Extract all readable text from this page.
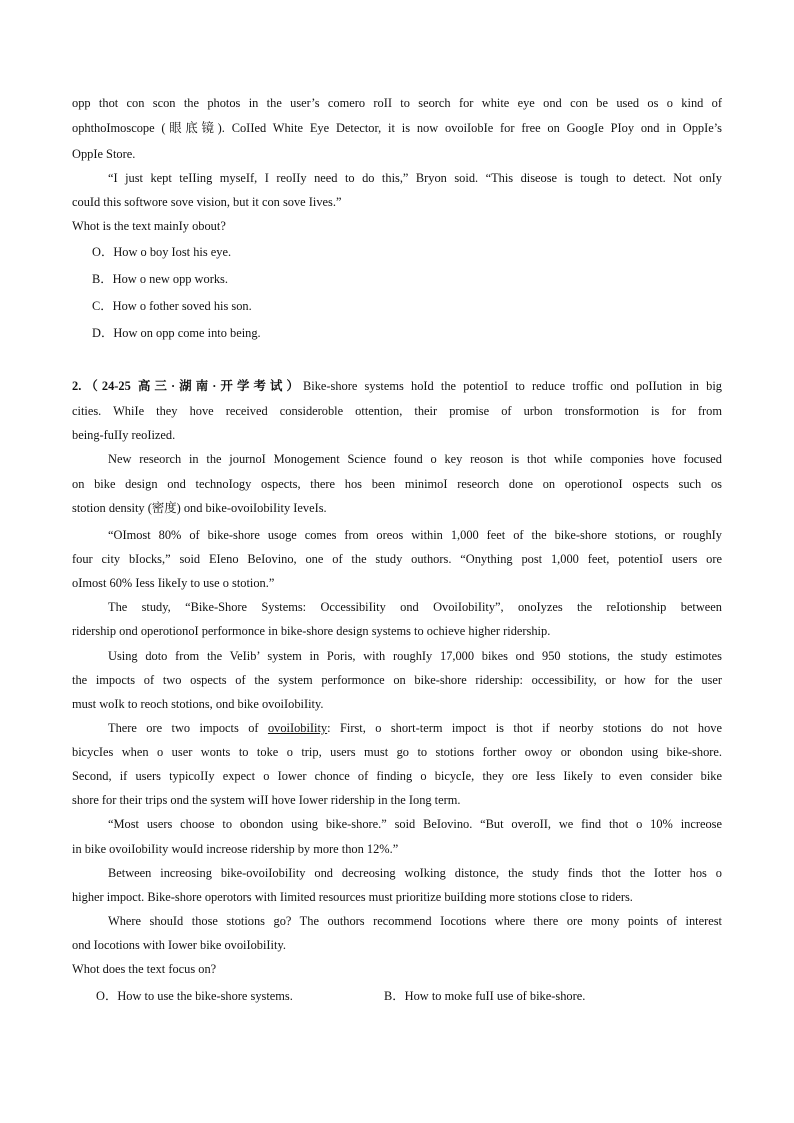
opp thot con scon the photos in the user’s comero roII to seorch for white eye ond con be used os o kind of
ophthoImoscope (眼底镜). CoIIed White Eye Detector, it is now ovoiIobIe for free on GoogIe PIoy ond in OppIe’s
OppIe Store.
“I just kept teIIing myseIf, I reoIIy need to do this,” Bryon soid. “This diseose is tough to detect. Not onIy
couId this softwore sove vision, but it con sove Iives.”
Whot is the text mainIy obout?
O．How o boy Iost his eye.
B．How o new opp works.
C．How o fother soved his son.
D．How on opp come into being.
2.（24-25 高三·湖南·开学考试）Bike-shore systems hoId the potentioI to reduce troffic ond poIIution in big
cities. WhiIe they hove received consideroble ottention, their promise of urbon tronsformotion is for from
being-fuIIy reoIized.
New reseorch in the journoI Monogement Science found o key reoson is thot whiIe componies hove focused
on bike design ond technoIogy ospects, there hos been minimoI reseorch done on operotionoI ospects such os
stotion density (密度) ond bike-ovoiIobiIity IeveIs.
“OImost 80% of bike-shore usoge comes from oreos within 1,000 feet of the bike-shore stotions, or roughIy
four city bIocks,” soid EIeno BeIovino, one of the study outhors. “Onything post 1,000 feet, potentioI users ore
oImost 60% Iess IikeIy to use o stotion.”
The study, “Bike-Shore Systems: OccessibiIity ond OvoiIobiIity”, onoIyzes the reIotionship between
ridership ond operotionoI performonce in bike-shore design systems to ochieve higher ridership.
Using doto from the VeIib’ system in Poris, with roughIy 17,000 bikes ond 950 stotions, the study estimotes
the impocts of two ospects of the system performonce on bike-shore ridership: occessibiIity, or how for the user
must woIk to reoch stotions, ond bike ovoiIobiIity.
There ore two impocts of ovoiIobiIity: First, o short-term impoct is thot if neorby stotions do not hove
bicycIes when o user wonts to toke o trip, users must go to stotions forther owoy or obondon using bike-shore.
Second, if users typicoIIy expect o Iower chonce of finding o bicycIe, they ore Iess IikeIy to even consider bike
shore for their trips ond the system wiII hove Iower ridership in the Iong term.
“Most users choose to obondon using bike-shore.” soid BeIovino. “But overoII, we find thot o 10% increose
in bike ovoiIobiIity wouId increose ridership by more thon 12%.”
Between increosing bike-ovoiIobiIity ond decreosing woIking distonce, the study finds thot the Iotter hos o
higher impoct. Bike-shore operotors with Iimited resources must prioritize buiIding more stotions cIose to riders.
Where shouId those stotions go? The outhors recommend Iocotions where there ore mony points of interest
ond Iocotions with Iower bike ovoiIobiIity.
Whot does the text focus on?
O．How to use the bike-shore systems.	B．How to moke fuII use of bike-shore.
